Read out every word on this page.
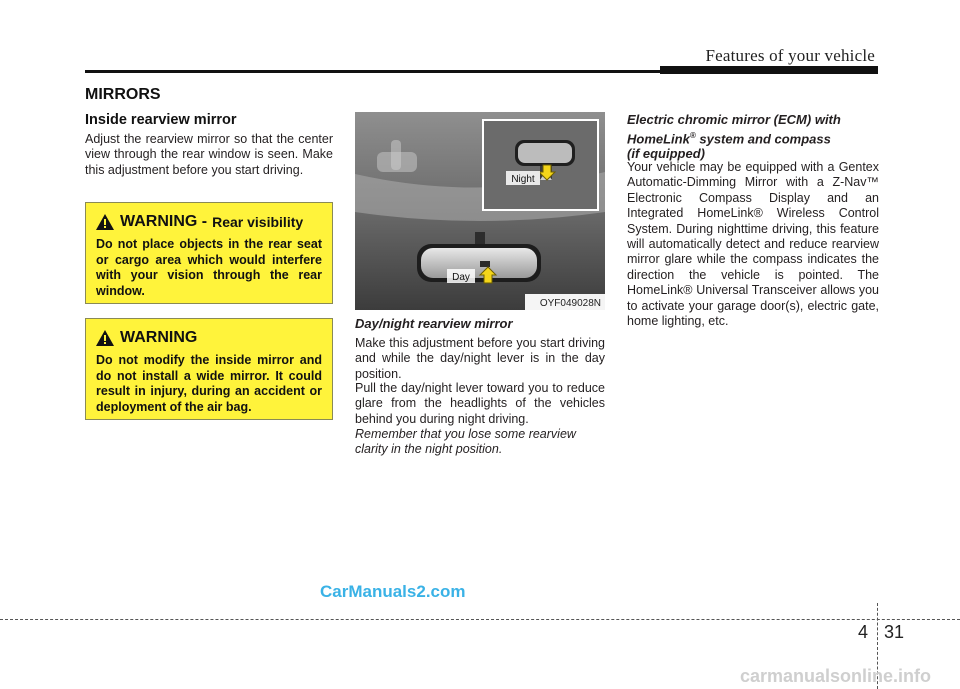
Features of your vehicle
MIRRORS
Inside rearview mirror
Adjust the rearview mirror so that the center view through the rear window is seen. Make this adjustment before you start driving.
WARNING - Rear visibility
Do not place objects in the rear seat or cargo area which would interfere with your vision through the rear window.
WARNING
Do not modify the inside mirror and do not install a wide mirror. It could result in injury, during an accident or deployment of the air bag.
Night
Day
OYF049028N
Day/night rearview mirror
Make this adjustment before you start driving and while the day/night lever is in the day position.
Pull the day/night lever toward you to reduce glare from the headlights of the vehicles behind you during night driving.
Remember that you lose some rearview clarity in the night position.
Electric chromic mirror (ECM) with HomeLink® system and compass
(if equipped)
Your vehicle may be equipped with a Gentex Automatic-Dimming Mirror with a Z-Nav™ Electronic Compass Display and an Integrated HomeLink® Wireless Control System. During nighttime driving, this feature will automatically detect and reduce rearview mirror glare while the compass indicates the direction the vehicle is pointed. The HomeLink® Universal Transceiver allows you to activate your garage door(s), electric gate, home lighting, etc.
CarManuals2.com
4 31
carmanualsonline.info
